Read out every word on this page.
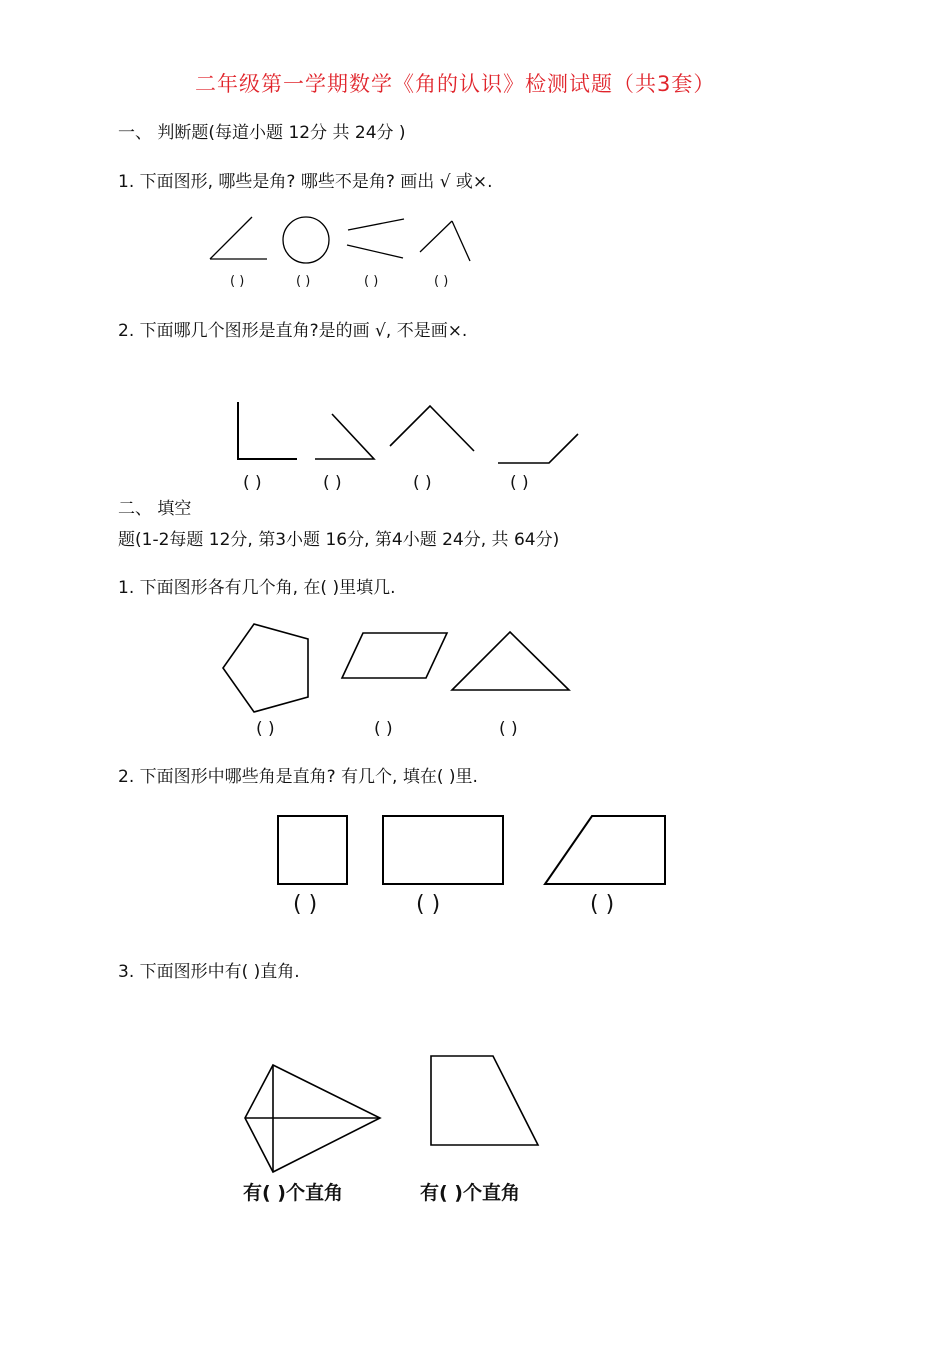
二年级第一学期数学《角的认识》检测试题（共3套）
一、 判断题(每道小题 12分 共 24分 )
1. 下面图形, 哪些是角? 哪些不是角? 画出 √ 或×.
( )	( )	( )	( )
2. 下面哪几个图形是直角?是的画 √, 不是画×.
( )	( )	( )	( )
二、 填空
题(1-2每题 12分, 第3小题 16分, 第4小题 24分, 共 64分)
1. 下面图形各有几个角, 在( )里填几.
( )	( )	( )
2. 下面图形中哪些角是直角? 有几个, 填在( )里.
( )	( )	( )
3. 下面图形中有( )直角.
有( )个直角	有( )个直角
